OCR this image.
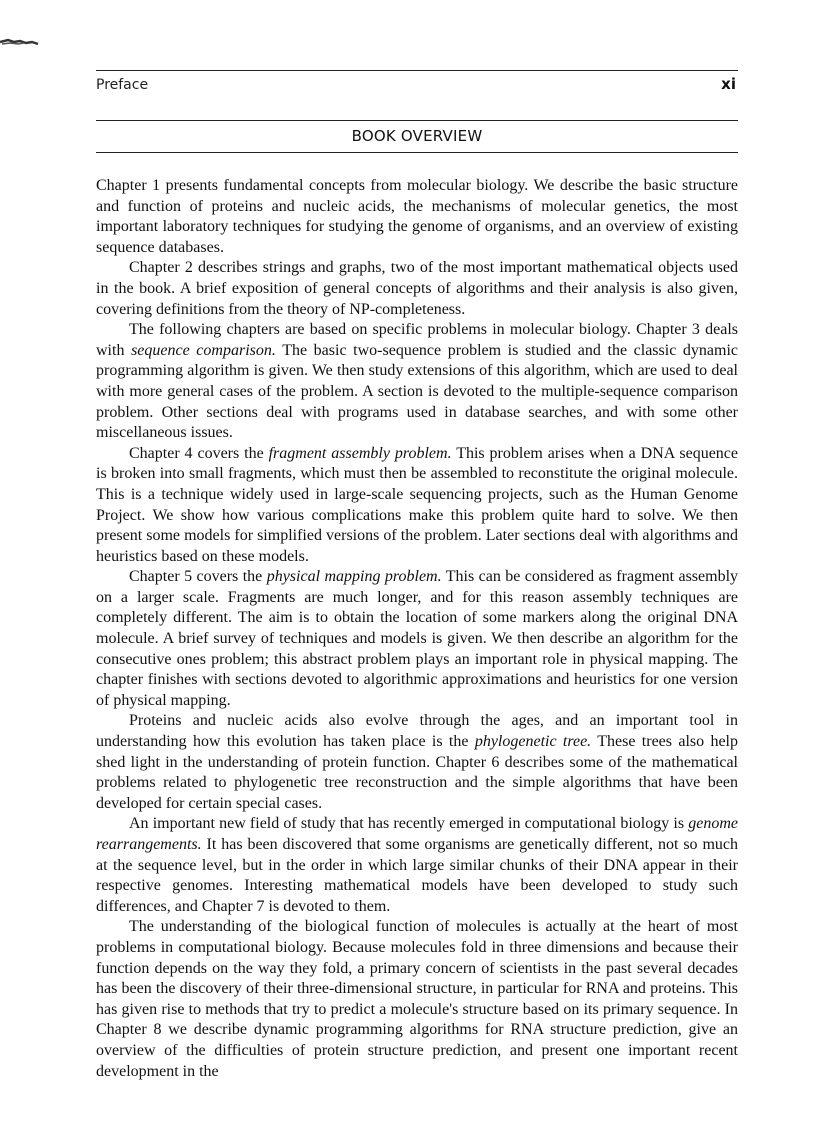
Preface	xi
BOOK OVERVIEW

Chapter 1 presents fundamental concepts from molecular biology. We describe the basic structure and function of proteins and nucleic acids, the mechanisms of molecular genetics, the most important laboratory techniques for studying the genome of organisms, and an overview of existing sequence databases.

Chapter 2 describes strings and graphs, two of the most important mathematical objects used in the book. A brief exposition of general concepts of algorithms and their analysis is also given, covering definitions from the theory of NP-completeness.

The following chapters are based on specific problems in molecular biology. Chapter 3 deals with sequence comparison. The basic two-sequence problem is studied and the classic dynamic programming algorithm is given. We then study extensions of this algorithm, which are used to deal with more general cases of the problem. A section is devoted to the multiple-sequence comparison problem. Other sections deal with programs used in database searches, and with some other miscellaneous issues.

Chapter 4 covers the fragment assembly problem. This problem arises when a DNA sequence is broken into small fragments, which must then be assembled to reconstitute the original molecule. This is a technique widely used in large-scale sequencing projects, such as the Human Genome Project. We show how various complications make this problem quite hard to solve. We then present some models for simplified versions of the problem. Later sections deal with algorithms and heuristics based on these models.

Chapter 5 covers the physical mapping problem. This can be considered as fragment assembly on a larger scale. Fragments are much longer, and for this reason assembly techniques are completely different. The aim is to obtain the location of some markers along the original DNA molecule. A brief survey of techniques and models is given. We then describe an algorithm for the consecutive ones problem; this abstract problem plays an important role in physical mapping. The chapter finishes with sections devoted to algorithmic approximations and heuristics for one version of physical mapping.

Proteins and nucleic acids also evolve through the ages, and an important tool in understanding how this evolution has taken place is the phylogenetic tree. These trees also help shed light in the understanding of protein function. Chapter 6 describes some of the mathematical problems related to phylogenetic tree reconstruction and the simple algorithms that have been developed for certain special cases.

An important new field of study that has recently emerged in computational biology is genome rearrangements. It has been discovered that some organisms are genetically different, not so much at the sequence level, but in the order in which large similar chunks of their DNA appear in their respective genomes. Interesting mathematical models have been developed to study such differences, and Chapter 7 is devoted to them.

The understanding of the biological function of molecules is actually at the heart of most problems in computational biology. Because molecules fold in three dimensions and because their function depends on the way they fold, a primary concern of scientists in the past several decades has been the discovery of their three-dimensional structure, in particular for RNA and proteins. This has given rise to methods that try to predict a molecule's structure based on its primary sequence. In Chapter 8 we describe dynamic programming algorithms for RNA structure prediction, give an overview of the difficulties of protein structure prediction, and present one important recent development in the
